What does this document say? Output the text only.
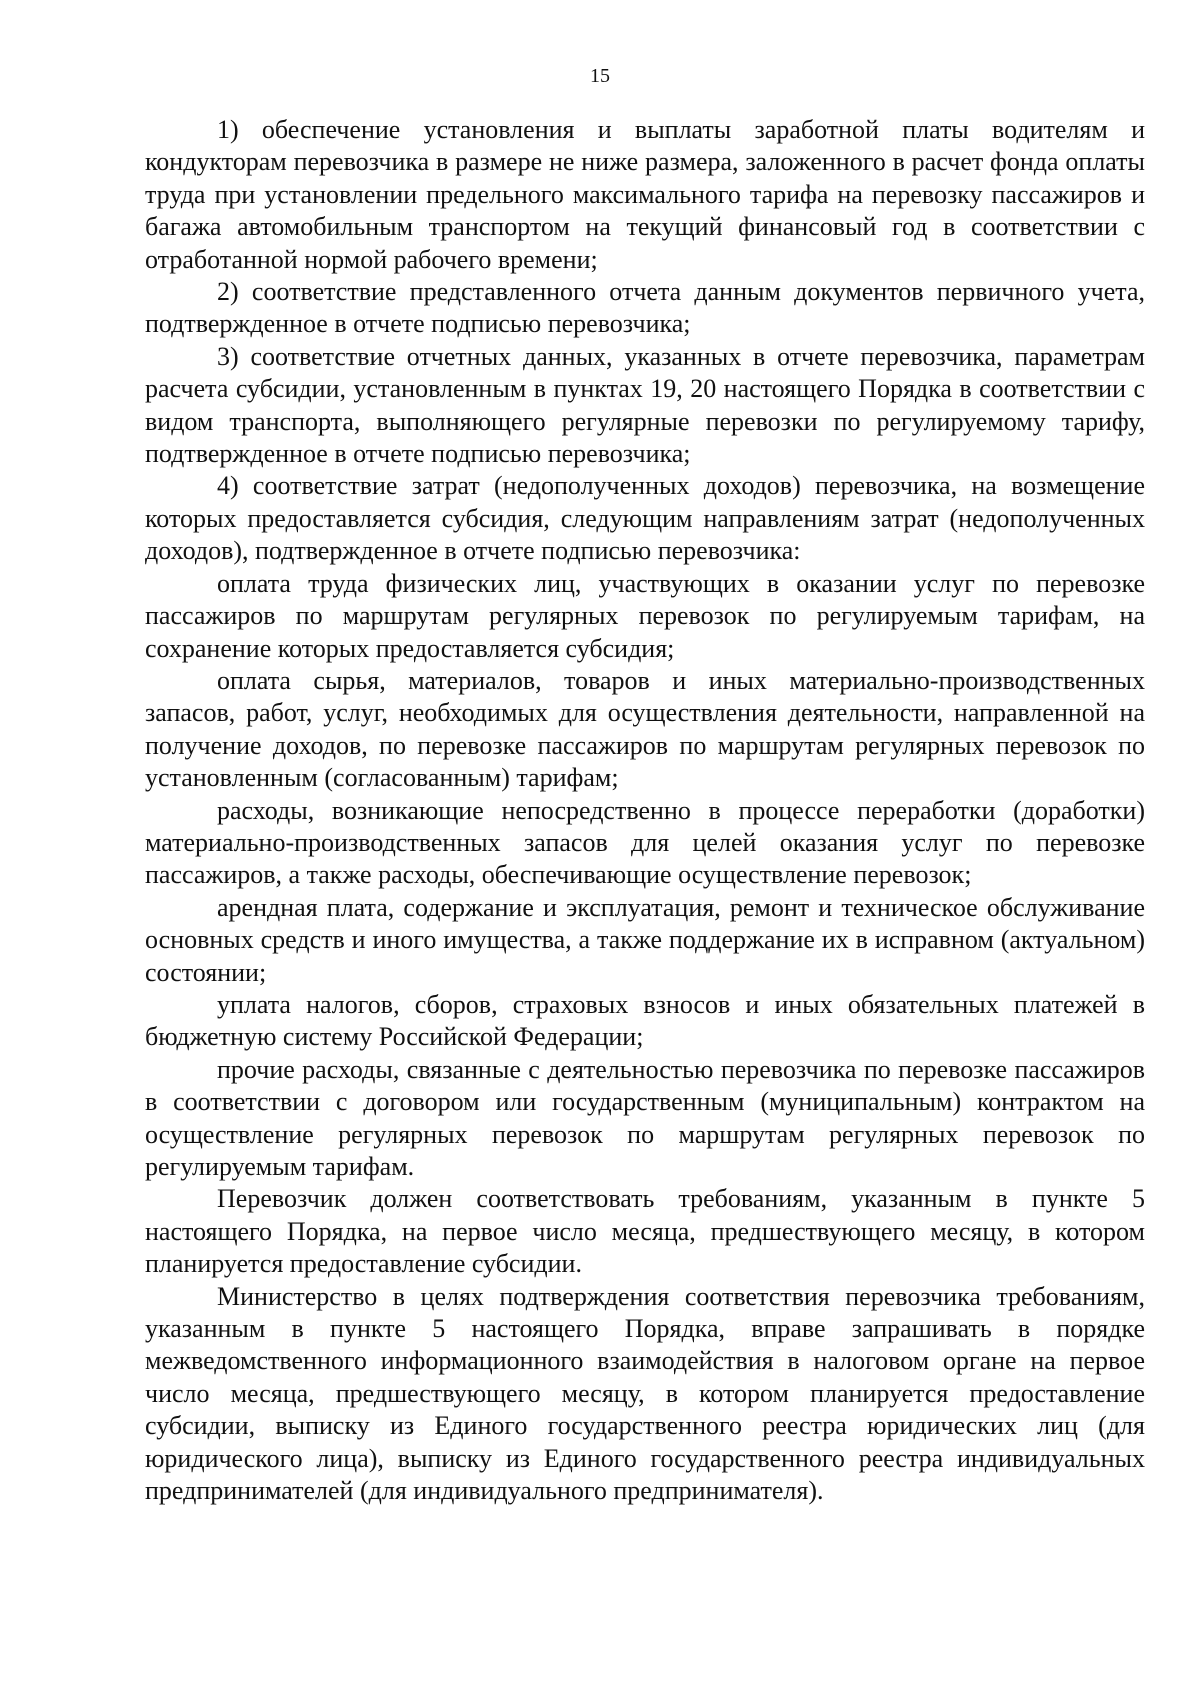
15

1) обеспечение установления и выплаты заработной платы водителям и кондукторам перевозчика в размере не ниже размера, заложенного в расчет фонда оплаты труда при установлении предельного максимального тарифа на перевозку пассажиров и багажа автомобильным транспортом на текущий финансовый год в соответствии с отработанной нормой рабочего времени;

2) соответствие представленного отчета данным документов первичного учета, подтвержденное в отчете подписью перевозчика;

3) соответствие отчетных данных, указанных в отчете перевозчика, параметрам расчета субсидии, установленным в пунктах 19, 20 настоящего Порядка в соответствии с видом транспорта, выполняющего регулярные перевозки по регулируемому тарифу, подтвержденное в отчете подписью перевозчика;

4) соответствие затрат (недополученных доходов) перевозчика, на возмещение которых предоставляется субсидия, следующим направлениям затрат (недополученных доходов), подтвержденное в отчете подписью перевозчика:

оплата труда физических лиц, участвующих в оказании услуг по перевозке пассажиров по маршрутам регулярных перевозок по регулируемым тарифам, на сохранение которых предоставляется субсидия;

оплата сырья, материалов, товаров и иных материально-производственных запасов, работ, услуг, необходимых для осуществления деятельности, направленной на получение доходов, по перевозке пассажиров по маршрутам регулярных перевозок по установленным (согласованным) тарифам;

расходы, возникающие непосредственно в процессе переработки (доработки) материально-производственных запасов для целей оказания услуг по перевозке пассажиров, а также расходы, обеспечивающие осуществление перевозок;

арендная плата, содержание и эксплуатация, ремонт и техническое обслуживание основных средств и иного имущества, а также поддержание их в исправном (актуальном) состоянии;

уплата налогов, сборов, страховых взносов и иных обязательных платежей в бюджетную систему Российской Федерации;

прочие расходы, связанные с деятельностью перевозчика по перевозке пассажиров в соответствии с договором или государственным (муниципальным) контрактом на осуществление регулярных перевозок по маршрутам регулярных перевозок по регулируемым тарифам.

Перевозчик должен соответствовать требованиям, указанным в пункте 5 настоящего Порядка, на первое число месяца, предшествующего месяцу, в котором планируется предоставление субсидии.

Министерство в целях подтверждения соответствия перевозчика требованиям, указанным в пункте 5 настоящего Порядка, вправе запрашивать в порядке межведомственного информационного взаимодействия в налоговом органе на первое число месяца, предшествующего месяцу, в котором планируется предоставление субсидии, выписку из Единого государственного реестра юридических лиц (для юридического лица), выписку из Единого государственного реестра индивидуальных предпринимателей (для индивидуального предпринимателя).
